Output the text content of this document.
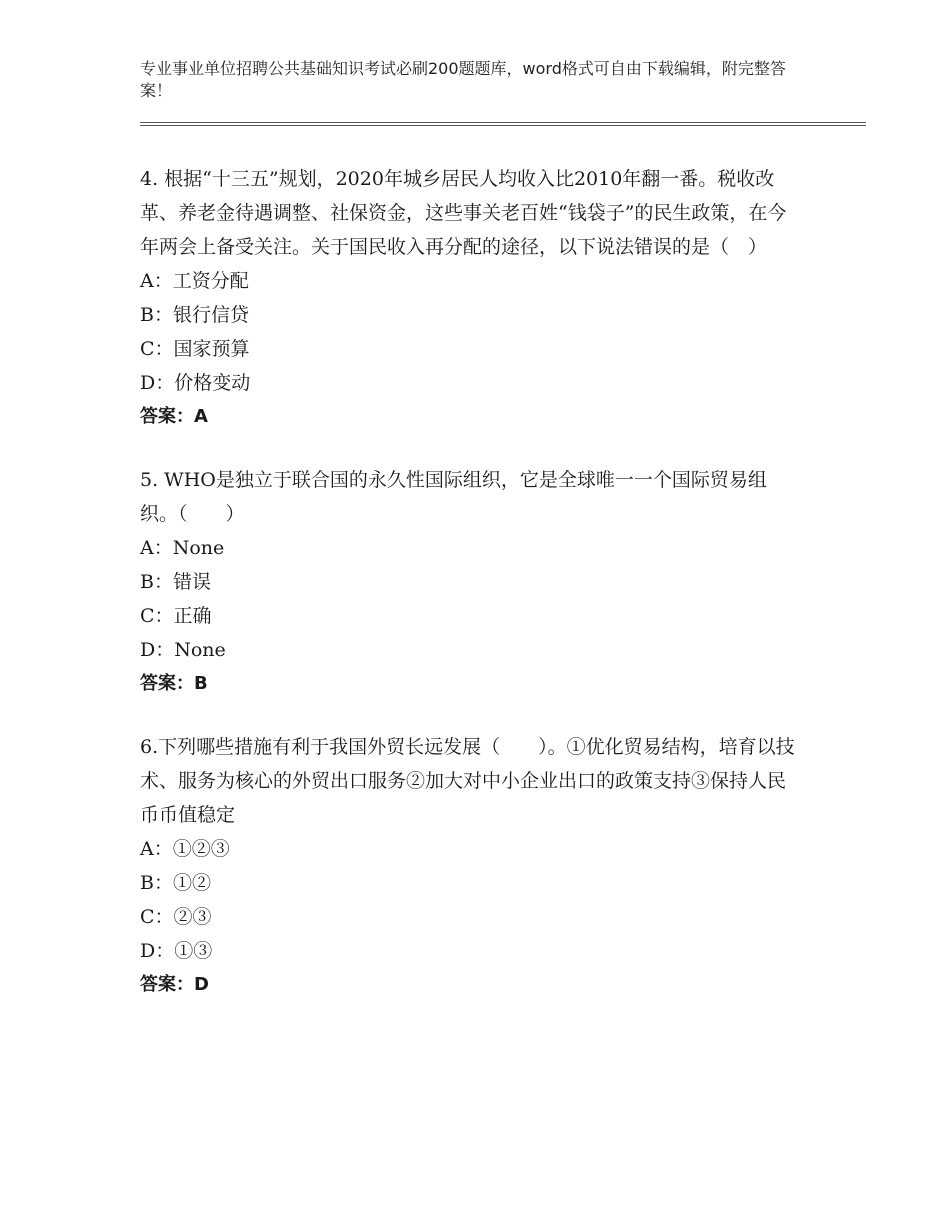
专业事业单位招聘公共基础知识考试必刷200题题库，word格式可自由下载编辑，附完整答案！

4. 根据“十三五”规划，2020年城乡居民人均收入比2010年翻一番。税收改革、养老金待遇调整、社保资金，这些事关老百姓“钱袋子”的民生政策，在今年两会上备受关注。关于国民收入再分配的途径，以下说法错误的是（　）

A：工资分配

B：银行信贷

C：国家预算

D：价格变动

答案：A

5. WHO是独立于联合国的永久性国际组织，它是全球唯一一个国际贸易组织。（　　）

A：None

B：错误

C：正确

D：None

答案：B

6.下列哪些措施有利于我国外贸长远发展（　　）。①优化贸易结构，培育以技术、服务为核心的外贸出口服务②加大对中小企业出口的政策支持③保持人民币币值稳定

A：①②③

B：①②

C：②③

D：①③

答案：D
